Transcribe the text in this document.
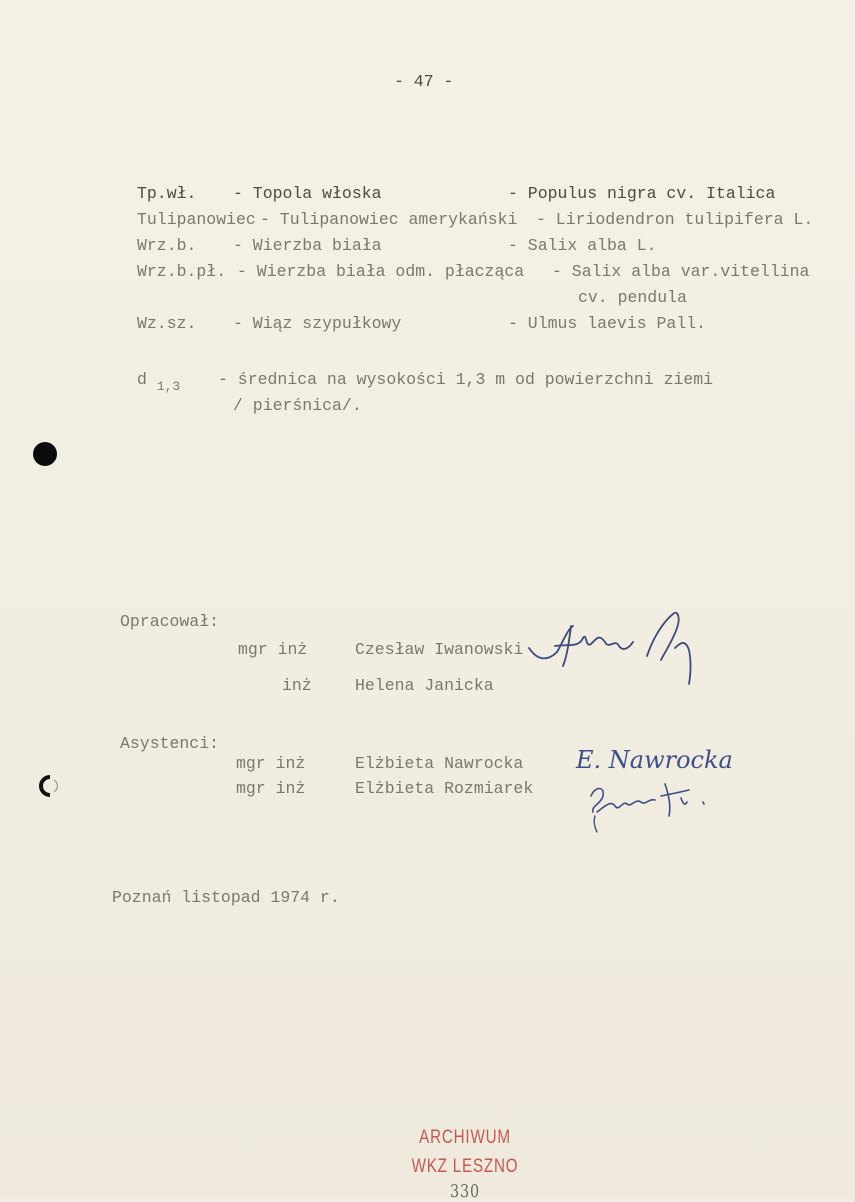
- 47 -
Tp.wł. - Topola włoska	- Populus nigra cv. Italica
Tulipanowiec - Tulipanowiec amerykański - Liriodendron tulipifera L.
Wrz.b. - Wierzba biała	- Salix alba L.
Wrz.b.pł. - Wierzba biała odm. płacząca - Salix alba var.vitellina
cv. pendula
Wz.sz. - Wiąz szypułkowy	- Ulmus laevis Pall.
d $_{1,3}$ - średnica na wysokości 1,3 m od powierzchni ziemi
/ pierśnica/.
Opracował:
mgr inż	Czesław Iwanowski
inż	Helena Janicka
Asystenci:
mgr inż	Elżbieta Nawrocka
mgr inż	Elżbieta Rozmiarek
E. Nawrocka
Poznań listopad 1974 r.
ARCHIWUM
WKZ LESZNO
330
